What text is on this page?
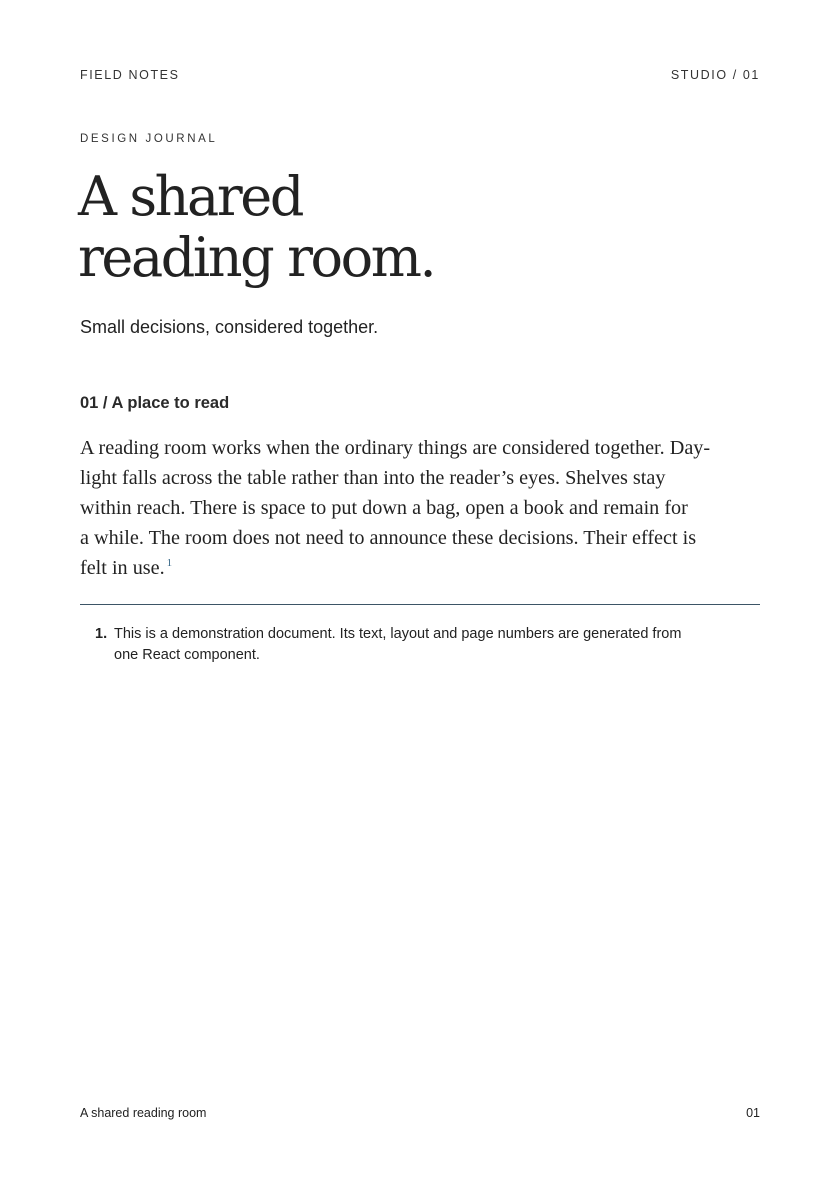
FIELD NOTES	STUDIO / 01
DESIGN JOURNAL
A shared
reading room.
Small decisions, considered together.
01 / A place to read

A reading room works when the ordinary things are considered together. Day-
light falls across the table rather than into the reader’s eyes. Shelves stay
within reach. There is space to put down a bag, open a book and remain for
a while. The room does not need to announce these decisions. Their effect is
felt in use. $^1$

1. This is a demonstration document. Its text, layout and page numbers are generated from
one React component.
A shared reading room	01
